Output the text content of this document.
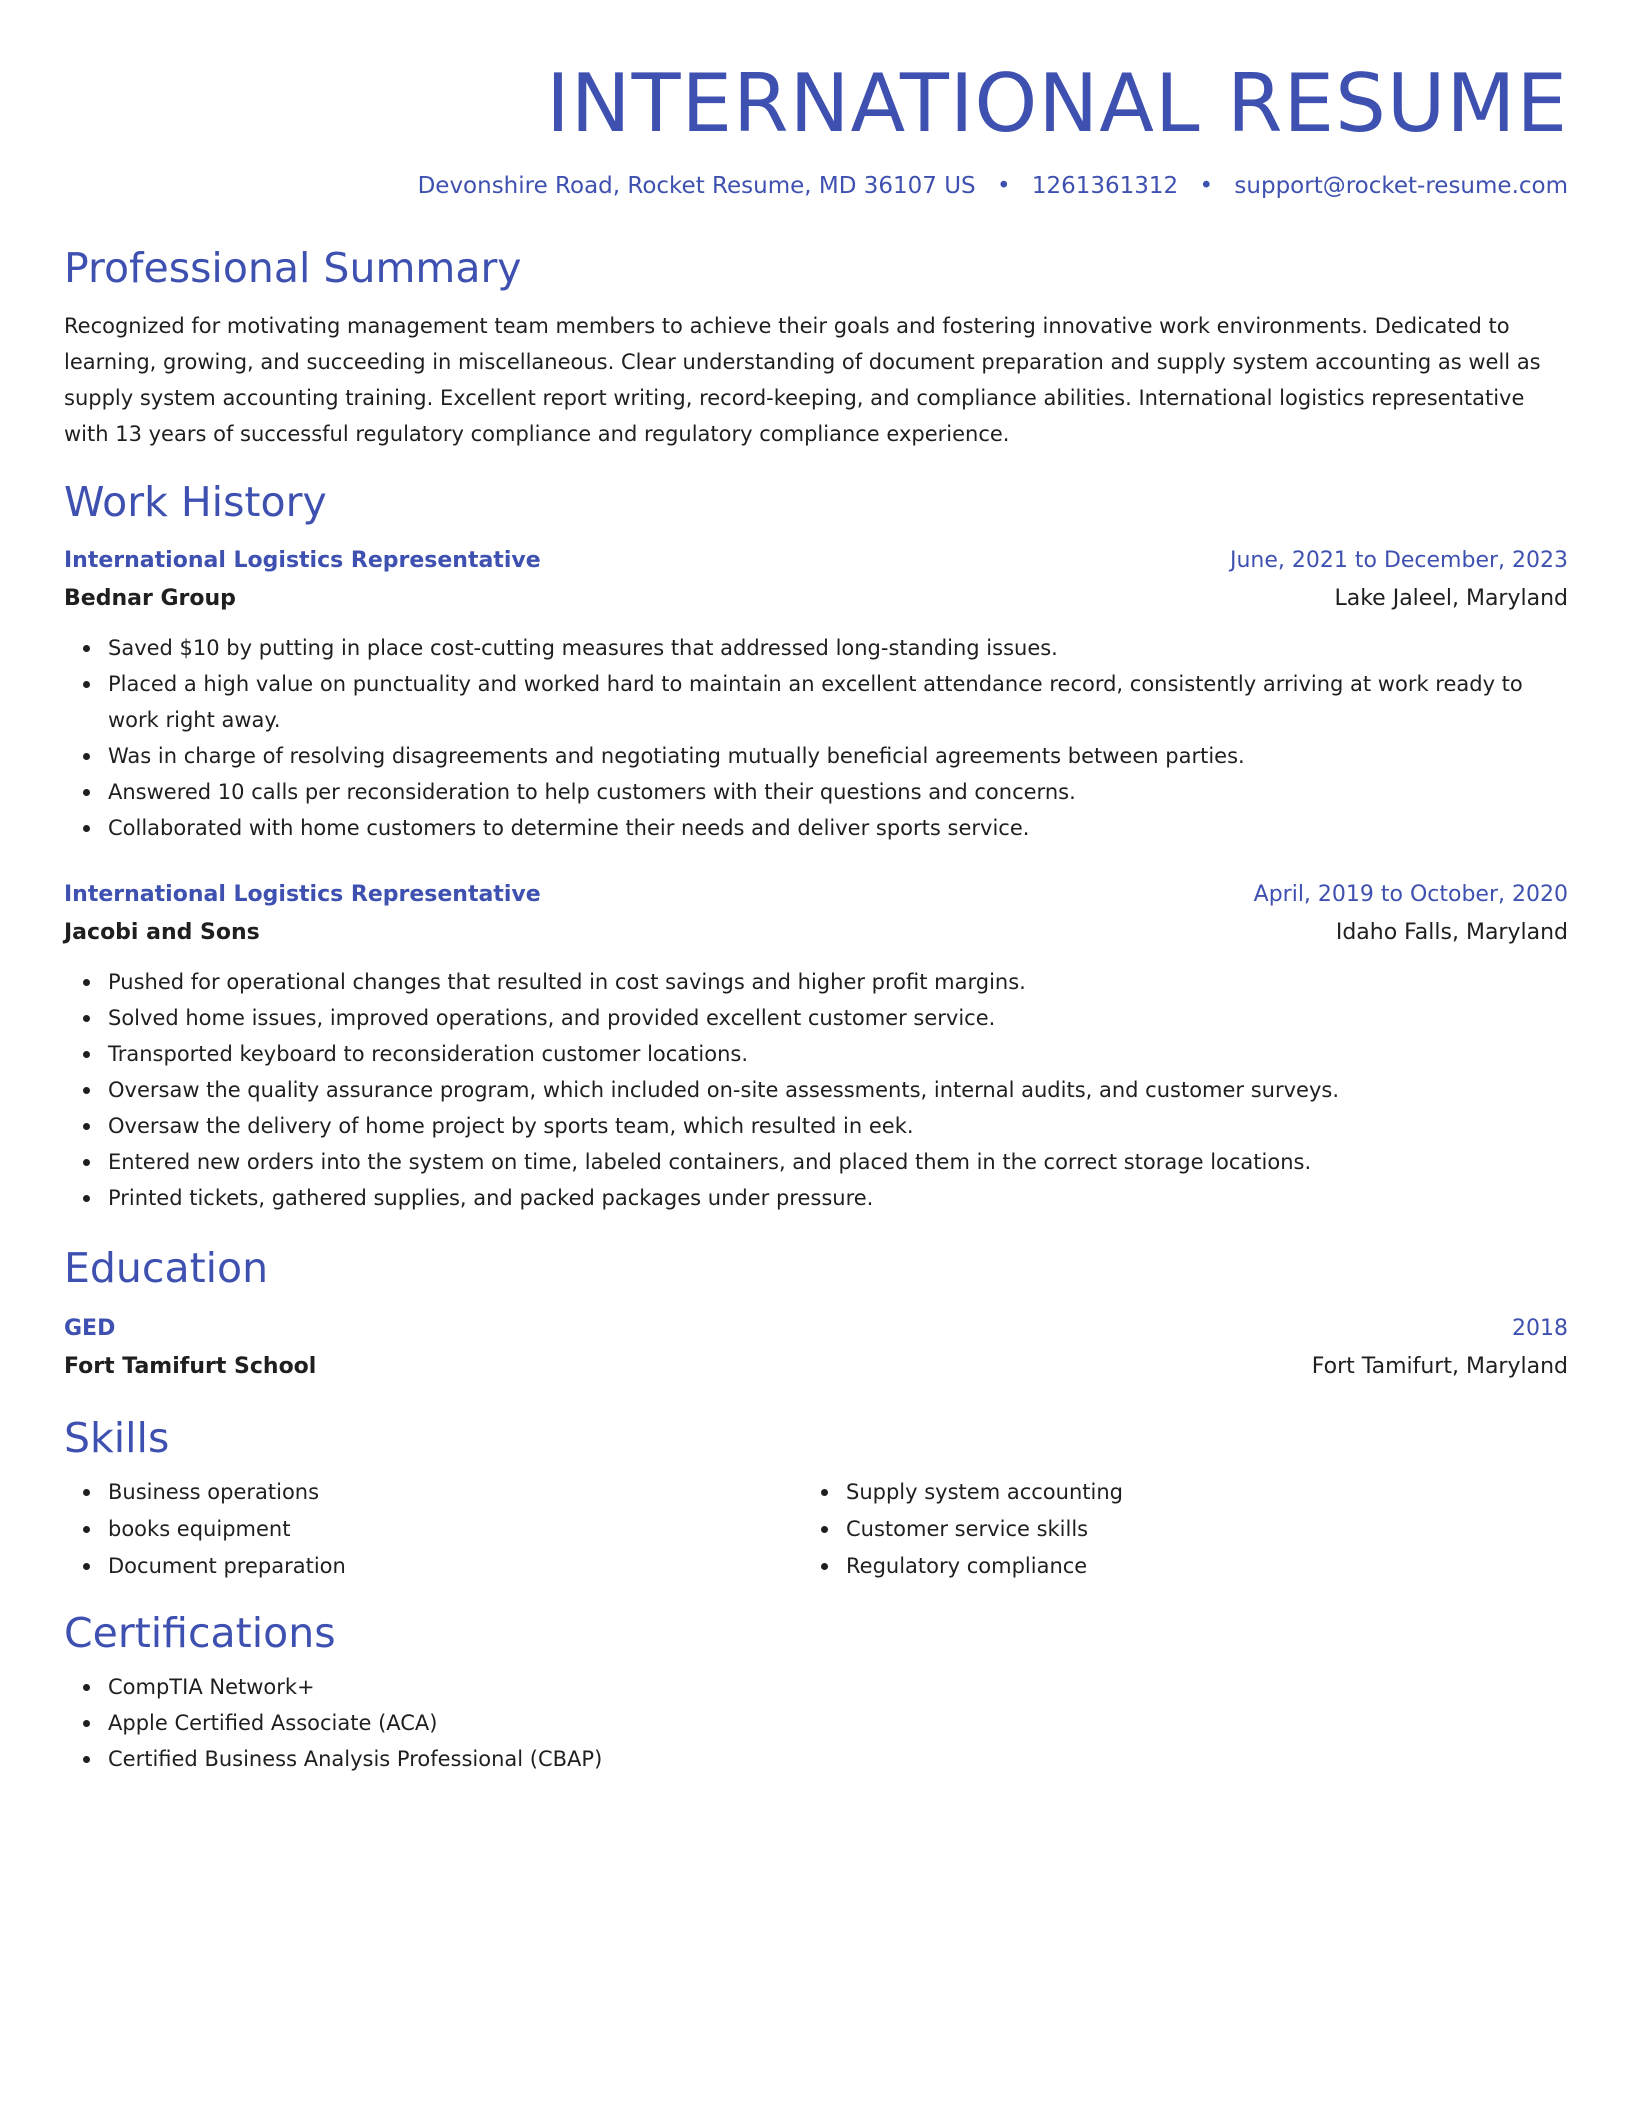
INTERNATIONAL RESUME
Devonshire Road, Rocket Resume, MD 36107 US • 1261361312 • support@rocket-resume.com
Professional Summary

Recognized for motivating management team members to achieve their goals and fostering innovative work environments. Dedicated to learning, growing, and succeeding in miscellaneous. Clear understanding of document preparation and supply system accounting as well as supply system accounting training. Excellent report writing, record-keeping, and compliance abilities. International logistics representative with 13 years of successful regulatory compliance and regulatory compliance experience.

Work History
International Logistics Representative	June, 2021 to December, 2023
Bednar Group	Lake Jaleel, Maryland
Saved $10 by putting in place cost-cutting measures that addressed long-standing issues.
Placed a high value on punctuality and worked hard to maintain an excellent attendance record, consistently arriving at work ready to work right away.
Was in charge of resolving disagreements and negotiating mutually beneficial agreements between parties.
Answered 10 calls per reconsideration to help customers with their questions and concerns.
Collaborated with home customers to determine their needs and deliver sports service.
International Logistics Representative	April, 2019 to October, 2020
Jacobi and Sons	Idaho Falls, Maryland
Pushed for operational changes that resulted in cost savings and higher profit margins.
Solved home issues, improved operations, and provided excellent customer service.
Transported keyboard to reconsideration customer locations.
Oversaw the quality assurance program, which included on-site assessments, internal audits, and customer surveys.
Oversaw the delivery of home project by sports team, which resulted in eek.
Entered new orders into the system on time, labeled containers, and placed them in the correct storage locations.
Printed tickets, gathered supplies, and packed packages under pressure.
Education
GED	2018
Fort Tamifurt School	Fort Tamifurt, Maryland
Skills
Business operations
books equipment
Document preparation
Supply system accounting
Customer service skills
Regulatory compliance
Certifications
CompTIA Network+
Apple Certified Associate (ACA)
Certified Business Analysis Professional (CBAP)
